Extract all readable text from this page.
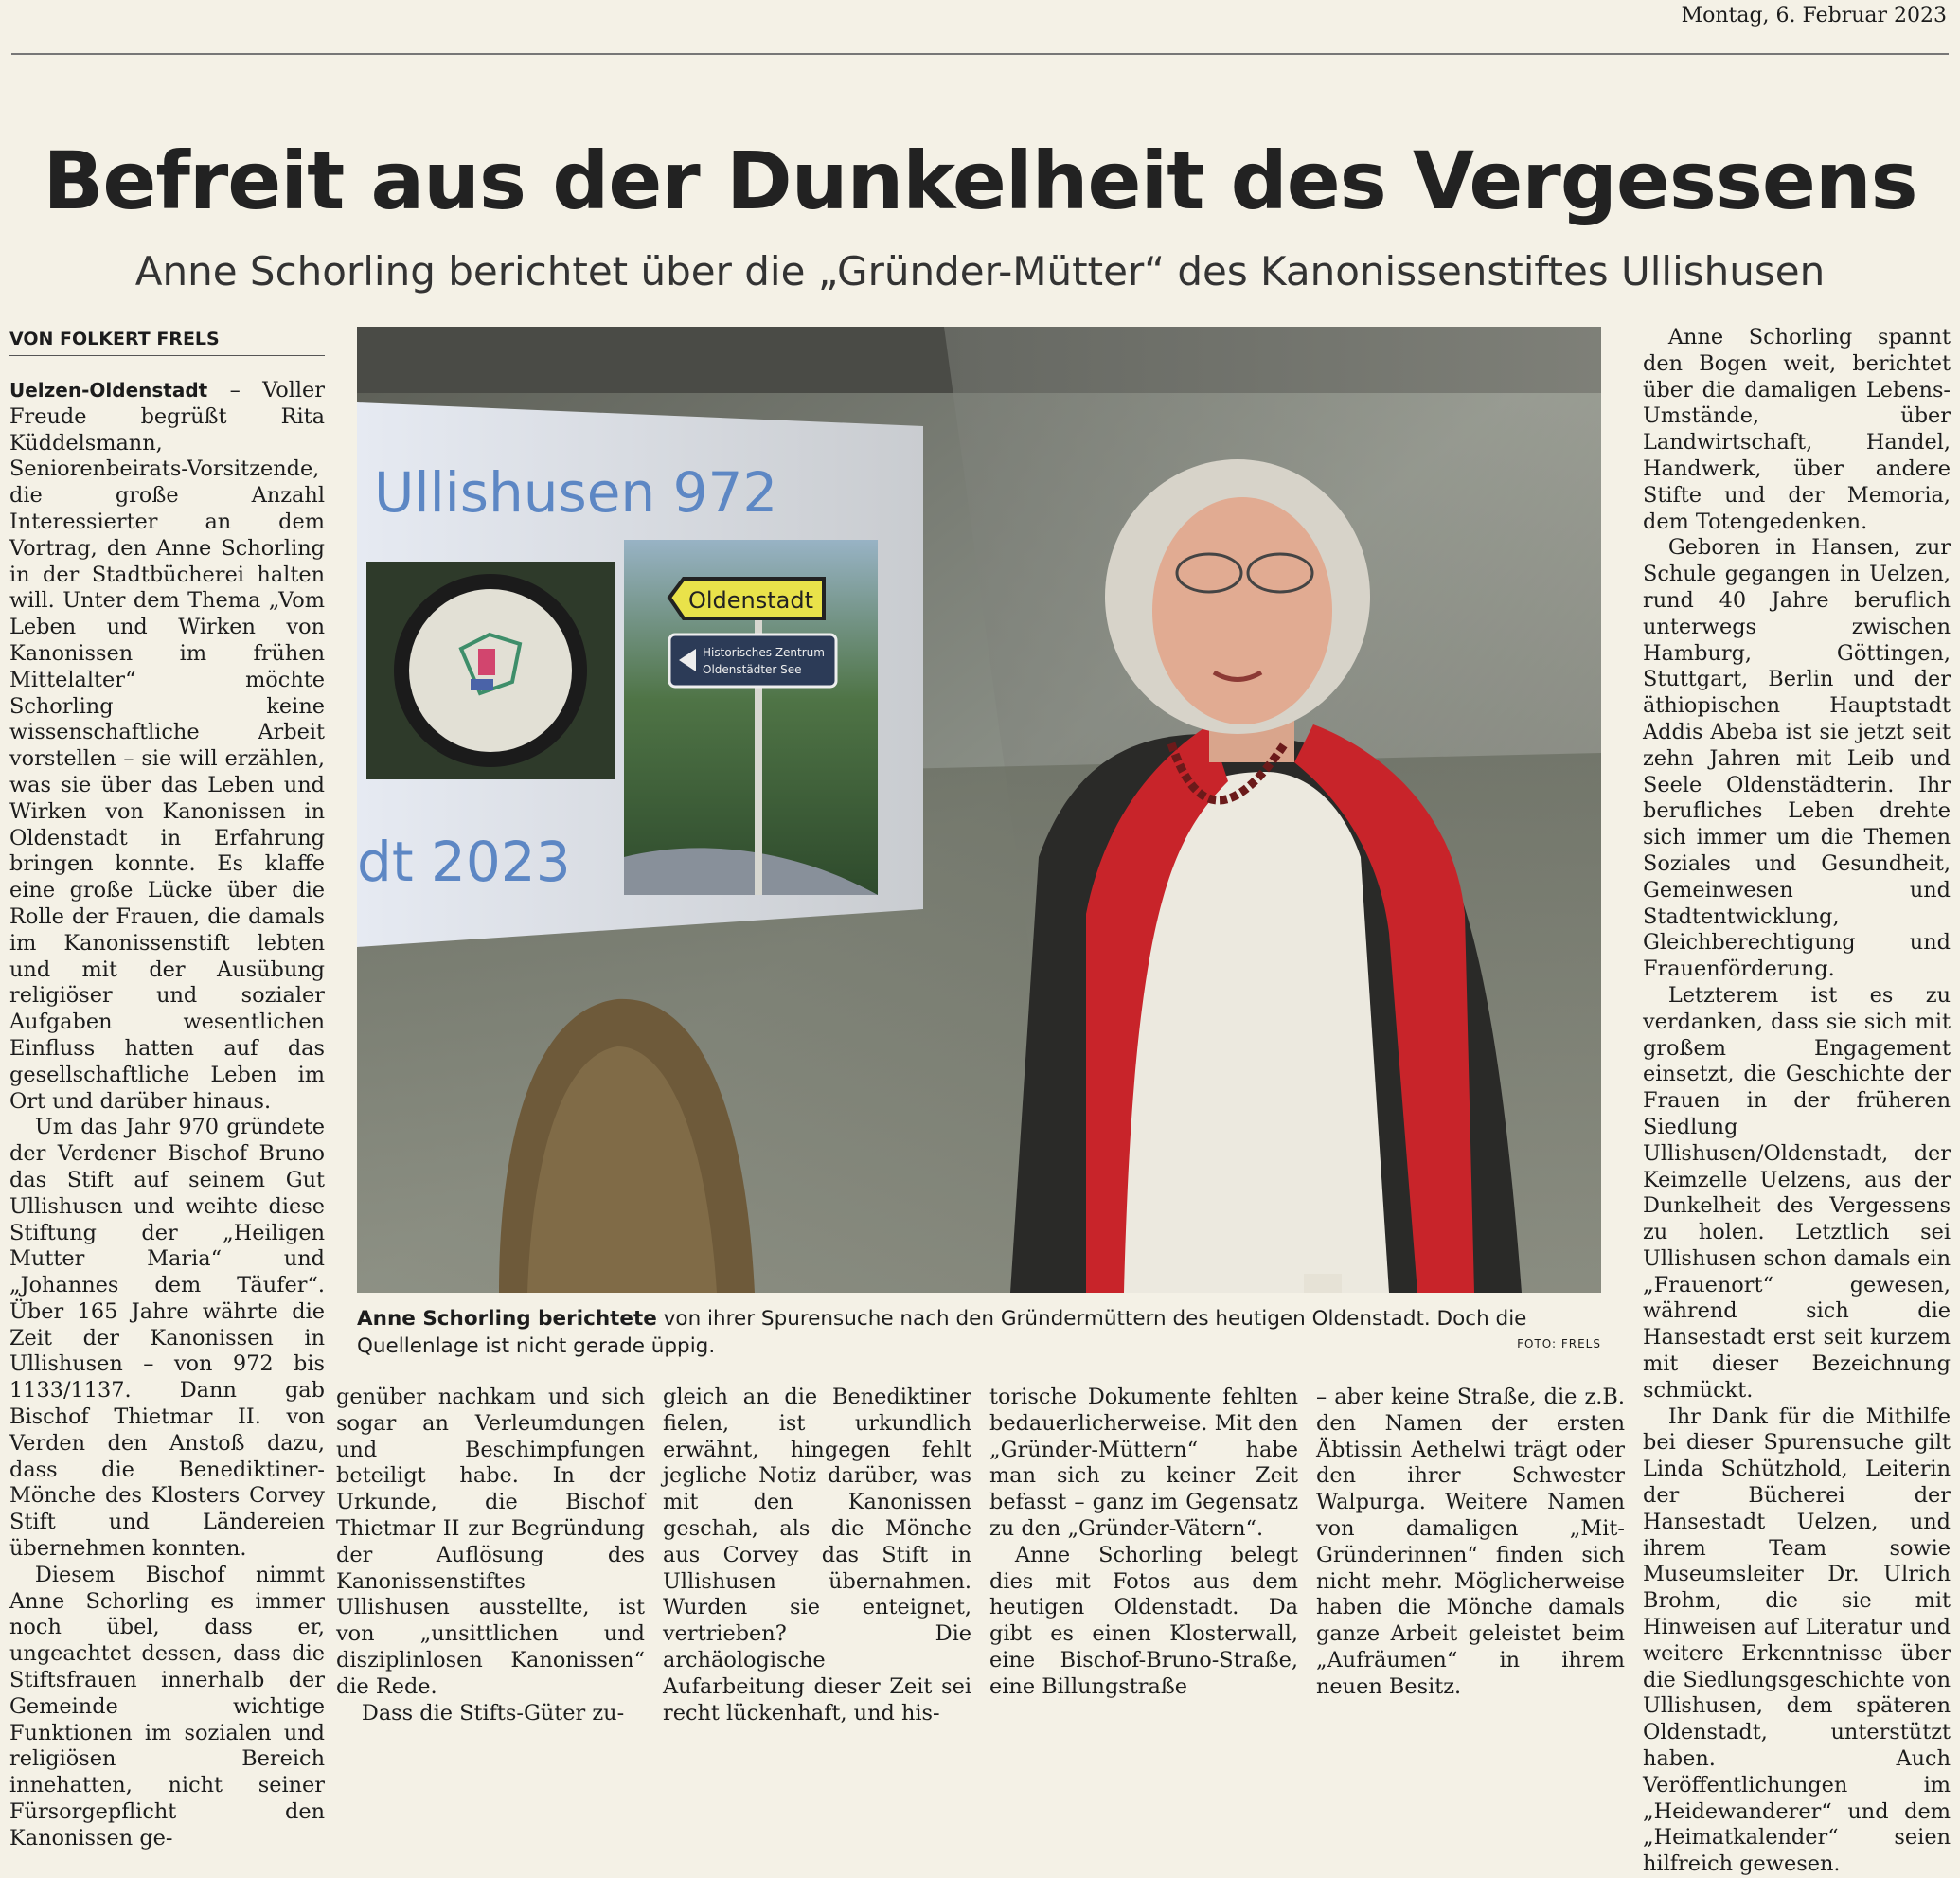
Montag, 6. Februar 2023
Befreit aus der Dunkelheit des Vergessens
Anne Schorling berichtet über die „Gründer-Mütter“ des Kanonissenstiftes Ullishusen
VON FOLKERT FRELS

Uelzen-Oldenstadt – Voller Freude begrüßt Rita Küddelsmann, Seniorenbeirats-Vorsitzende, die große Anzahl Interessierter an dem Vortrag, den Anne Schorling in der Stadtbücherei halten will. Unter dem Thema „Vom Leben und Wirken von Kanonissen im frühen Mittelalter“ möchte Schorling keine wissenschaftliche Arbeit vorstellen – sie will erzählen, was sie über das Leben und Wirken von Kanonissen in Oldenstadt in Erfahrung bringen konnte. Es klaffe eine große Lücke über die Rolle der Frauen, die damals im Kanonissenstift lebten und mit der Ausübung religiöser und sozialer Aufgaben wesentlichen Einfluss hatten auf das gesellschaftliche Leben im Ort und darüber hinaus.

Um das Jahr 970 gründete der Verdener Bischof Bruno das Stift auf seinem Gut Ullishusen und weihte diese Stiftung der „Heiligen Mutter Maria“ und „Johannes dem Täufer“. Über 165 Jahre währte die Zeit der Kanonissen in Ullishusen – von 972 bis 1133/1137. Dann gab Bischof Thietmar II. von Verden den Anstoß dazu, dass die Benediktiner-Mönche des Klosters Corvey Stift und Ländereien übernehmen konnten.

Diesem Bischof nimmt Anne Schorling es immer noch übel, dass er, ungeachtet dessen, dass die Stiftsfrauen innerhalb der Gemeinde wichtige Funktionen im sozialen und religiösen Bereich innehatten, nicht seiner Fürsorgepflicht den Kanonissen ge-

Ullishusen 972
Oldenstadt
Historisches Zentrum
Oldenstädter See
dt 2023
Anne Schorling berichtete von ihrer Spurensuche nach den Gründermüttern des heutigen Oldenstadt. Doch die Quellenlage ist nicht gerade üppig.	FOTO: FRELS

genüber nachkam und sich sogar an Verleumdungen und Beschimpfungen beteiligt habe. In der Urkunde, die Bischof Thietmar II zur Begründung der Auflösung des Kanonissenstiftes Ullishusen ausstellte, ist von „unsittlichen und disziplinlosen Kanonissen“ die Rede.

Dass die Stifts-Güter zu-

gleich an die Benediktiner fielen, ist urkundlich erwähnt, hingegen fehlt jegliche Notiz darüber, was mit den Kanonissen geschah, als die Mönche aus Corvey das Stift in Ullishusen übernahmen. Wurden sie enteignet, vertrieben? Die archäologische Aufarbeitung dieser Zeit sei recht lückenhaft, und his-

torische Dokumente fehlten bedauerlicherweise. Mit den „Gründer-Müttern“ habe man sich zu keiner Zeit befasst – ganz im Gegensatz zu den „Gründer-Vätern“.

Anne Schorling belegt dies mit Fotos aus dem heutigen Oldenstadt. Da gibt es einen Klosterwall, eine Bischof-Bruno-Straße, eine Billungstraße

– aber keine Straße, die z.B. den Namen der ersten Äbtissin Aethelwi trägt oder den ihrer Schwester Walpurga. Weitere Namen von damaligen „Mit-Gründerinnen“ finden sich nicht mehr. Möglicherweise haben die Mönche damals ganze Arbeit geleistet beim „Aufräumen“ in ihrem neuen Besitz.

Anne Schorling spannt den Bogen weit, berichtet über die damaligen Lebens-Umstände, über Landwirtschaft, Handel, Handwerk, über andere Stifte und der Memoria, dem Totengedenken.

Geboren in Hansen, zur Schule gegangen in Uelzen, rund 40 Jahre beruflich unterwegs zwischen Hamburg, Göttingen, Stuttgart, Berlin und der äthiopischen Hauptstadt Addis Abeba ist sie jetzt seit zehn Jahren mit Leib und Seele Oldenstädterin. Ihr berufliches Leben drehte sich immer um die Themen Soziales und Gesundheit, Gemeinwesen und Stadtentwicklung, Gleichberechtigung und Frauenförderung.

Letzterem ist es zu verdanken, dass sie sich mit großem Engagement einsetzt, die Geschichte der Frauen in der früheren Siedlung Ullishusen/Oldenstadt, der Keimzelle Uelzens, aus der Dunkelheit des Vergessens zu holen. Letztlich sei Ullishusen schon damals ein „Frauenort“ gewesen, während sich die Hansestadt erst seit kurzem mit dieser Bezeichnung schmückt.

Ihr Dank für die Mithilfe bei dieser Spurensuche gilt Linda Schützhold, Leiterin der Bücherei der Hansestadt Uelzen, und ihrem Team sowie Museumsleiter Dr. Ulrich Brohm, die sie mit Hinweisen auf Literatur und weitere Erkenntnisse über die Siedlungsgeschichte von Ullishusen, dem späteren Oldenstadt, unterstützt haben. Auch Veröffentlichungen im „Heidewanderer“ und dem „Heimatkalender“ seien hilfreich gewesen.
